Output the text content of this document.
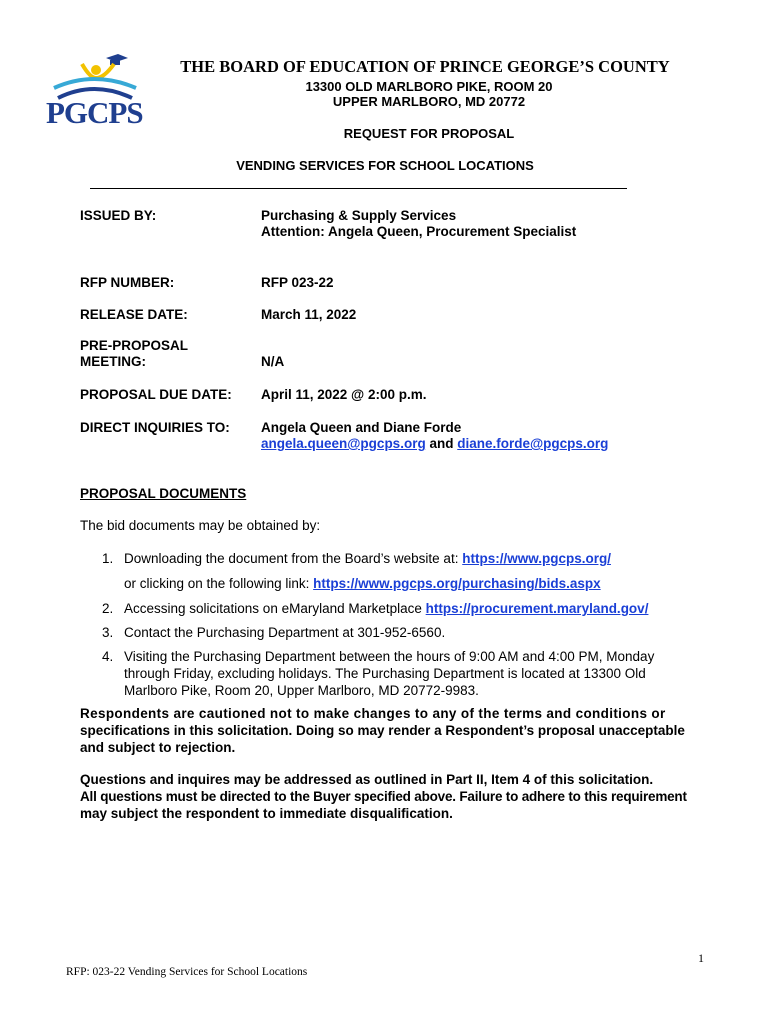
PGCPS
THE BOARD OF EDUCATION OF PRINCE GEORGE’S COUNTY
13300 OLD MARLBORO PIKE, ROOM 20
UPPER MARLBORO, MD 20772
REQUEST FOR PROPOSAL
VENDING SERVICES FOR SCHOOL LOCATIONS
ISSUED BY:	Purchasing & Supply Services
Attention: Angela Queen, Procurement Specialist
RFP NUMBER:	RFP 023-22
RELEASE DATE:	March 11, 2022
PRE-PROPOSAL
MEETING:	N/A
PROPOSAL DUE DATE: April 11, 2022 @ 2:00 p.m.
DIRECT INQUIRIES TO: Angela Queen and Diane Forde
angela.queen@pgcps.org and diane.forde@pgcps.org
PROPOSAL DOCUMENTS
The bid documents may be obtained by:
1. Downloading the document from the Board’s website at: https://www.pgcps.org/
or clicking on the following link: https://www.pgcps.org/purchasing/bids.aspx
2. Accessing solicitations on eMaryland Marketplace https://procurement.maryland.gov/
3. Contact the Purchasing Department at 301-952-6560.
4. Visiting the Purchasing Department between the hours of 9:00 AM and 4:00 PM, Monday
through Friday, excluding holidays. The Purchasing Department is located at 13300 Old
Marlboro Pike, Room 20, Upper Marlboro, MD 20772-9983.
Respondents are cautioned not to make changes to any of the terms and conditions or
specifications in this solicitation. Doing so may render a Respondent’s proposal unacceptable
and subject to rejection.
Questions and inquires may be addressed as outlined in Part II, Item 4 of this solicitation.
All questions must be directed to the Buyer specified above. Failure to adhere to this requirement
may subject the respondent to immediate disqualification.
1
RFP: 023-22 Vending Services for School Locations
